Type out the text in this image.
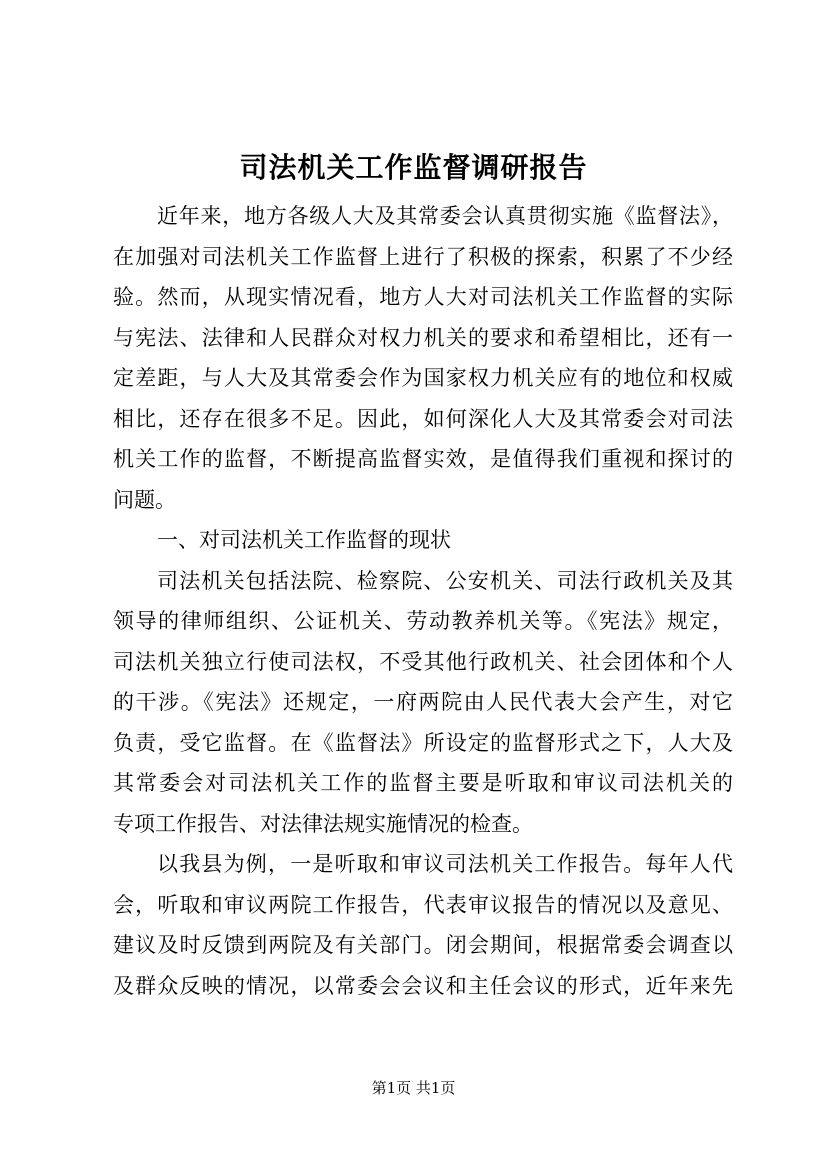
司法机关工作监督调研报告
近年来，地方各级人大及其常委会认真贯彻实施《监督法》，
在加强对司法机关工作监督上进行了积极的探索，积累了不少经
验。然而，从现实情况看，地方人大对司法机关工作监督的实际
与宪法、法律和人民群众对权力机关的要求和希望相比，还有一
定差距，与人大及其常委会作为国家权力机关应有的地位和权威
相比，还存在很多不足。因此，如何深化人大及其常委会对司法
机关工作的监督，不断提高监督实效，是值得我们重视和探讨的
问题。
一、对司法机关工作监督的现状
司法机关包括法院、检察院、公安机关、司法行政机关及其
领导的律师组织、公证机关、劳动教养机关等。《宪法》规定，
司法机关独立行使司法权，不受其他行政机关、社会团体和个人
的干涉。《宪法》还规定，一府两院由人民代表大会产生，对它
负责，受它监督。在《监督法》所设定的监督形式之下，人大及
其常委会对司法机关工作的监督主要是听取和审议司法机关的
专项工作报告、对法律法规实施情况的检查。
以我县为例，一是听取和审议司法机关工作报告。每年人代
会，听取和审议两院工作报告，代表审议报告的情况以及意见、
建议及时反馈到两院及有关部门。闭会期间，根据常委会调查以
及群众反映的情况，以常委会会议和主任会议的形式，近年来先
第1页 共1页
